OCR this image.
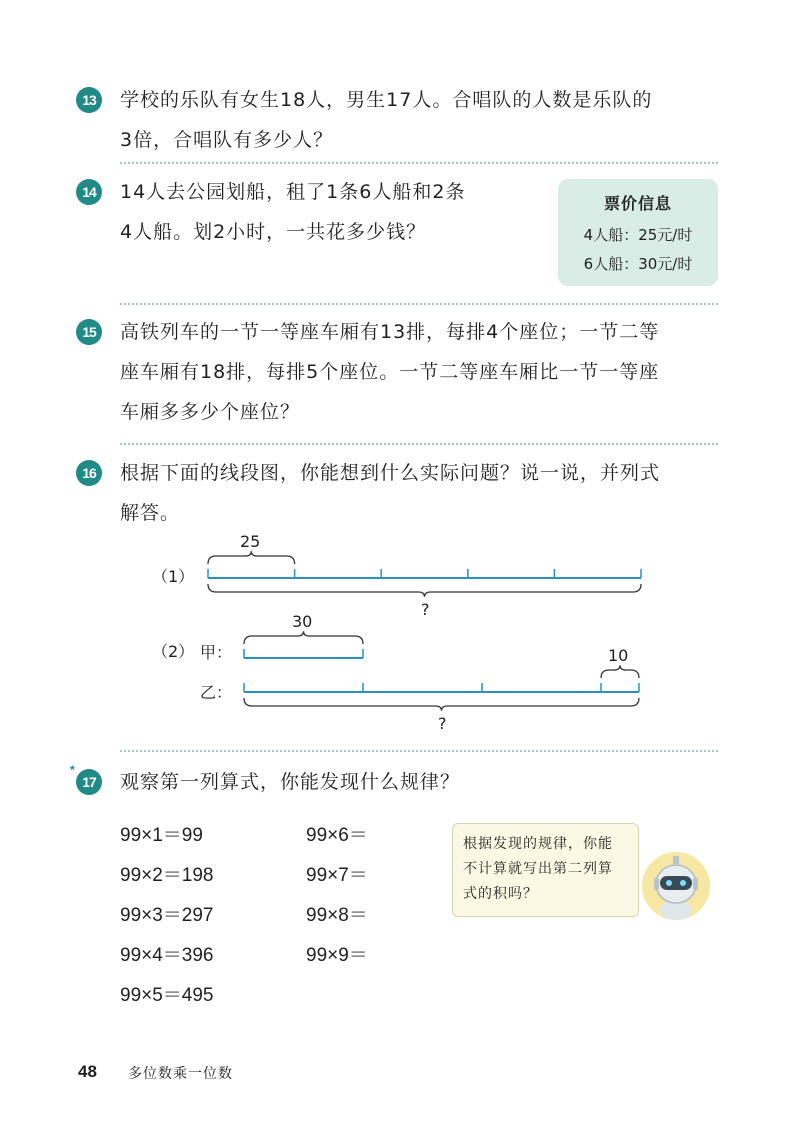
13	学校的乐队有女生18人，男生17人。合唱队的人数是乐队的
3倍，合唱队有多少人？
14	14人去公园划船，租了1条6人船和2条
4人船。划2小时，一共花多少钱？
票价信息
4人船：25元/时
6人船：30元/时
15	高铁列车的一节一等座车厢有13排，每排4个座位；一节二等
座车厢有18排，每排5个座位。一节二等座车厢比一节一等座
车厢多多少个座位？
16	根据下面的线段图，你能想到什么实际问题？说一说，并列式
解答。
（1）
25
?
（2） 甲：
乙：
30
10
?
* 17	观察第一列算式，你能发现什么规律？
99×1＝99
99×2＝198
99×3＝297
99×4＝396
99×5＝495
99×6＝
99×7＝
99×8＝
99×9＝
根据发现的规律，你能
不计算就写出第二列算
式的积吗？
48 多位数乘一位数
